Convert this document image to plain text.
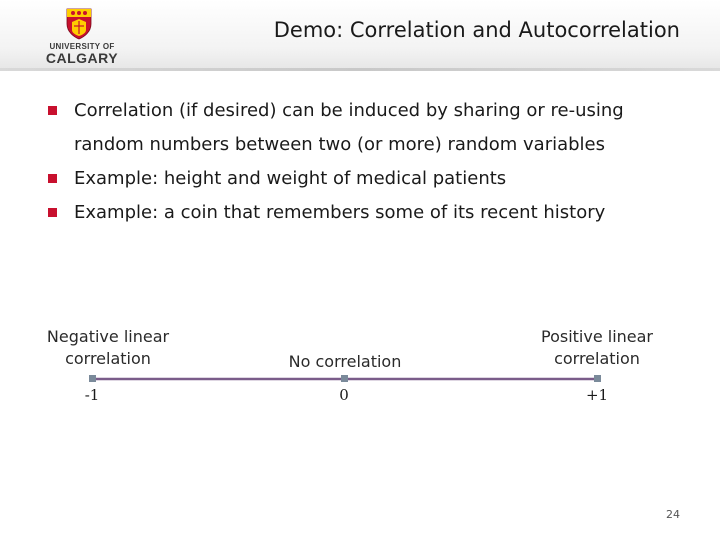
UNIVERSITY OF
CALGARY
Demo: Correlation and Autocorrelation
Correlation (if desired) can be induced by sharing or re-using
random numbers between two (or more) random variables
Example: height and weight of medical patients
Example: a coin that remembers some of its recent history
Negative linear
correlation	No correlation
Positive linear
correlation
-1	0	+1
24
